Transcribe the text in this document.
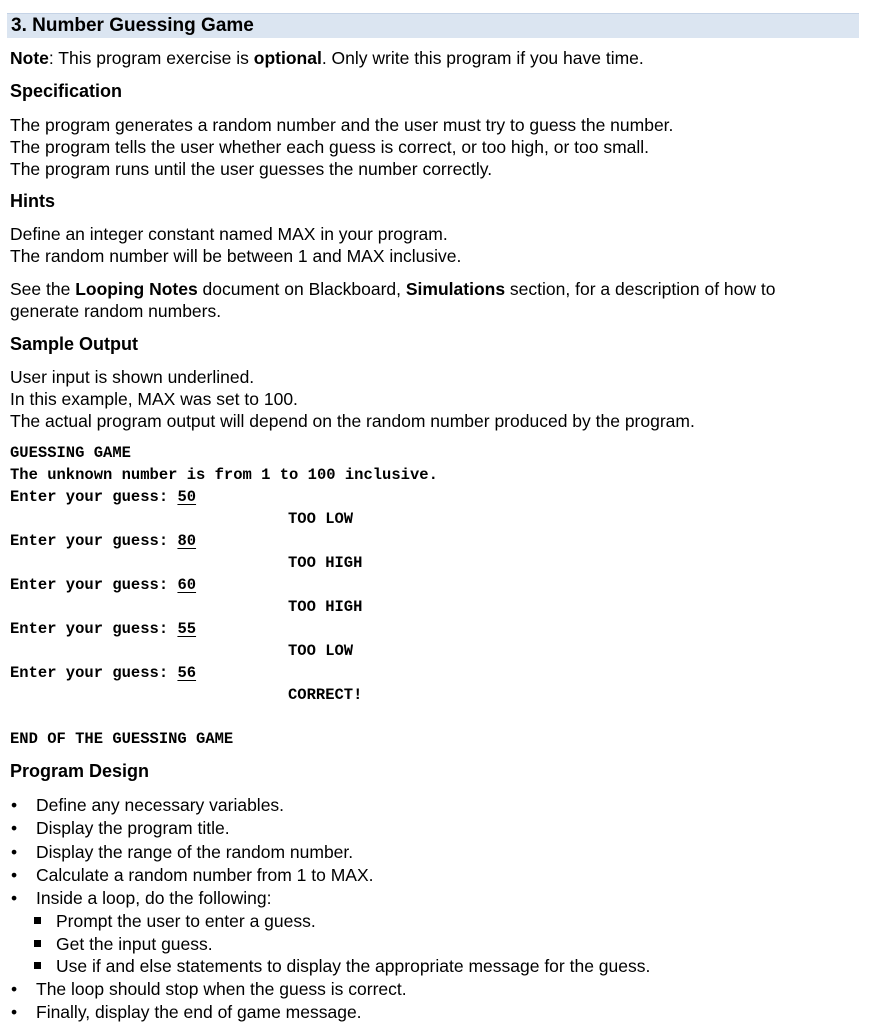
3. Number Guessing Game
Note: This program exercise is optional. Only write this program if you have time.
Specification
The program generates a random number and the user must try to guess the number.
The program tells the user whether each guess is correct, or too high, or too small.
The program runs until the user guesses the number correctly.
Hints
Define an integer constant named MAX in your program.
The random number will be between 1 and MAX inclusive.
See the Looping Notes document on Blackboard, Simulations section, for a description of how to
generate random numbers.
Sample Output
User input is shown underlined.
In this example, MAX was set to 100.
The actual program output will depend on the random number produced by the program.
GUESSING GAME
The unknown number is from 1 to 100 inclusive.
Enter your guess: 50
TOO LOW
Enter your guess: 80
TOO HIGH
Enter your guess: 60
TOO HIGH
Enter your guess: 55
TOO LOW
Enter your guess: 56
CORRECT!
END OF THE GUESSING GAME
Program Design
• Define any necessary variables.
• Display the program title.
• Display the range of the random number.
• Calculate a random number from 1 to MAX.
• Inside a loop, do the following:
Prompt the user to enter a guess.
Get the input guess.
Use if and else statements to display the appropriate message for the guess.
• The loop should stop when the guess is correct.
• Finally, display the end of game message.
